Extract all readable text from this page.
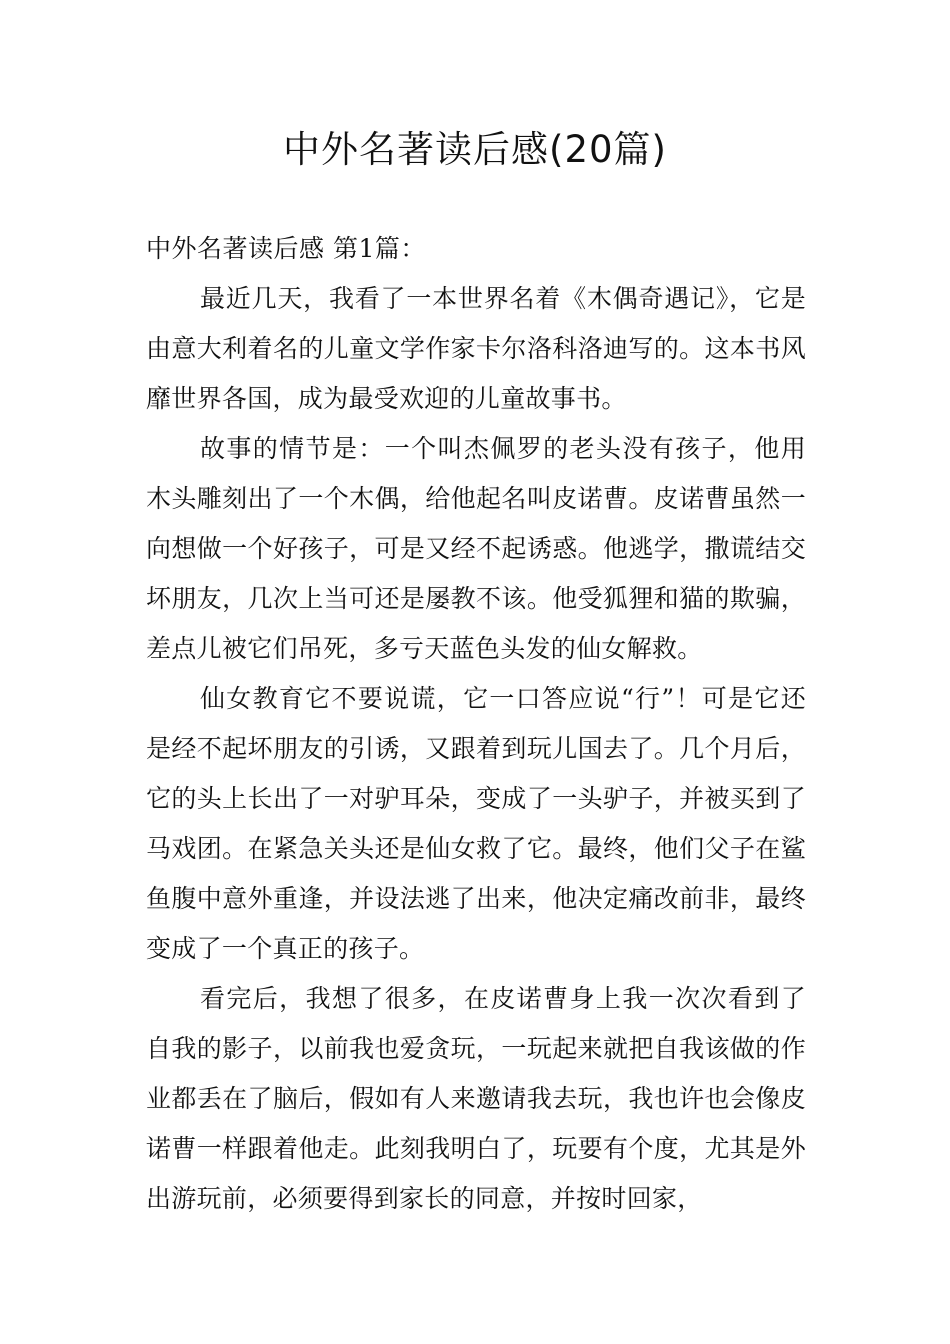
中外名著读后感(20篇)

中外名著读后感 第1篇：

最近几天，我看了一本世界名着《木偶奇遇记》，它是由意大利着名的儿童文学作家卡尔洛科洛迪写的。这本书风靡世界各国，成为最受欢迎的儿童故事书。

故事的情节是：一个叫杰佩罗的老头没有孩子，他用木头雕刻出了一个木偶，给他起名叫皮诺曹。皮诺曹虽然一向想做一个好孩子，可是又经不起诱惑。他逃学，撒谎结交坏朋友，几次上当可还是屡教不该。他受狐狸和猫的欺骗，差点儿被它们吊死，多亏天蓝色头发的仙女解救。

仙女教育它不要说谎，它一口答应说“行”！可是它还是经不起坏朋友的引诱，又跟着到玩儿国去了。几个月后，它的头上长出了一对驴耳朵，变成了一头驴子，并被买到了马戏团。在紧急关头还是仙女救了它。最终，他们父子在鲨鱼腹中意外重逢，并设法逃了出来，他决定痛改前非，最终变成了一个真正的孩子。

看完后，我想了很多，在皮诺曹身上我一次次看到了自我的影子，以前我也爱贪玩，一玩起来就把自我该做的作业都丢在了脑后，假如有人来邀请我去玩，我也许也会像皮诺曹一样跟着他走。此刻我明白了，玩要有个度，尤其是外出游玩前，必须要得到家长的同意，并按时回家，
